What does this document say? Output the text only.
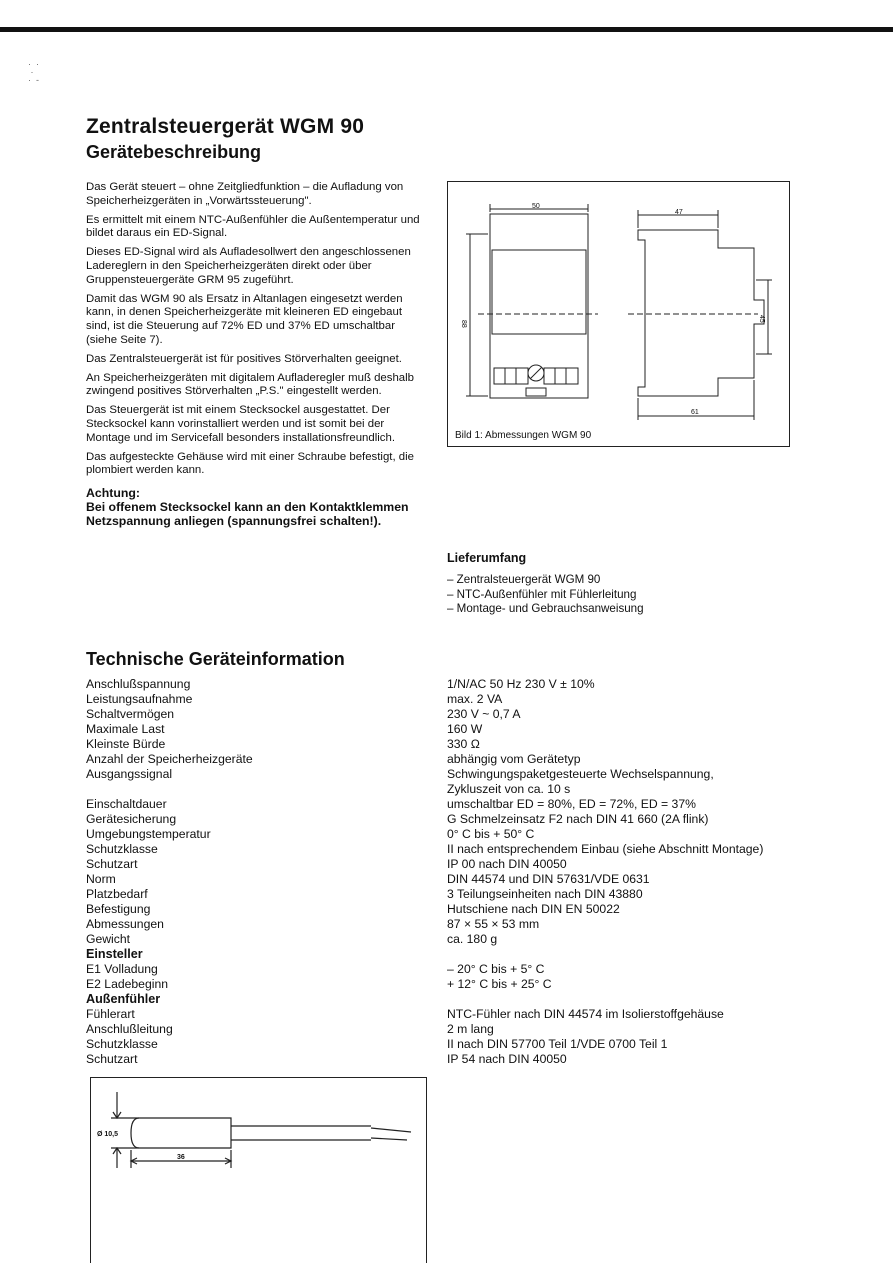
·  ·
·
·  -
Zentralsteuergerät WGM 90
Gerätebeschreibung

Das Gerät steuert – ohne Zeitgliedfunktion – die Aufladung von Speicherheizgeräten in „Vorwärtssteuerung".

Es ermittelt mit einem NTC-Außenfühler die Außentemperatur und bildet daraus ein ED-Signal.

Dieses ED-Signal wird als Aufladesollwert den angeschlossenen Ladereglern in den Speicherheizgeräten direkt oder über Gruppensteuergeräte GRM 95 zugeführt.

Damit das WGM 90 als Ersatz in Altanlagen eingesetzt werden kann, in denen Speicherheizgeräte mit kleineren ED eingebaut sind, ist die Steuerung auf 72% ED und 37% ED umschaltbar (siehe Seite 7).

Das Zentralsteuergerät ist für positives Störverhalten geeignet.

An Speicherheizgeräten mit digitalem Aufladeregler muß deshalb zwingend positives Störverhalten „P.S." eingestellt werden.

Das Steuergerät ist mit einem Stecksockel ausgestattet. Der Stecksockel kann vorinstalliert werden und ist somit bei der Montage und im Servicefall besonders installationsfreundlich.

Das aufgesteckte Gehäuse wird mit einer Schraube befestigt, die plombiert werden kann.

Achtung:
Bei offenem Stecksockel kann an den Kontaktklemmen Netzspannung anliegen (spannungsfrei schalten!).
50
47
88
45
61
Bild 1: Abmessungen WGM 90
Lieferumfang
– Zentralsteuergerät WGM 90
– NTC-Außenfühler mit Fühlerleitung
– Montage- und Gebrauchsanweisung
Technische Geräteinformation
Anschlußspannung
Leistungsaufnahme
Schaltvermögen
Maximale Last
Kleinste Bürde
Anzahl der Speicherheizgeräte
Ausgangssignal
Einschaltdauer
Gerätesicherung
Umgebungstemperatur
Schutzklasse
Schutzart
Norm
Platzbedarf
Befestigung
Abmessungen
Gewicht
Einsteller
E1 Volladung
E2 Ladebeginn
Außenfühler
Fühlerart
Anschlußleitung
Schutzklasse
Schutzart
1/N/AC 50 Hz 230 V ± 10%
max. 2 VA
230 V ~ 0,7 A
160 W
330 Ω
abhängig vom Gerätetyp
Schwingungspaketgesteuerte Wechselspannung,
Zykluszeit von ca. 10 s
umschaltbar ED = 80%, ED = 72%, ED = 37%
G Schmelzeinsatz F2 nach DIN 41 660 (2A flink)
0° C bis + 50° C
II nach entsprechendem Einbau (siehe Abschnitt Montage)
IP 00 nach DIN 40050
DIN 44574 und DIN 57631/VDE 0631
3 Teilungseinheiten nach DIN 43880
Hutschiene nach DIN EN 50022
87 × 55 × 53 mm
ca. 180 g
– 20° C bis + 5° C
+ 12° C bis + 25° C
NTC-Fühler nach DIN 44574 im Isolierstoffgehäuse
2 m lang
II nach DIN 57700 Teil 1/VDE 0700 Teil 1
IP 54 nach DIN 40050
Ø 10,5
36
